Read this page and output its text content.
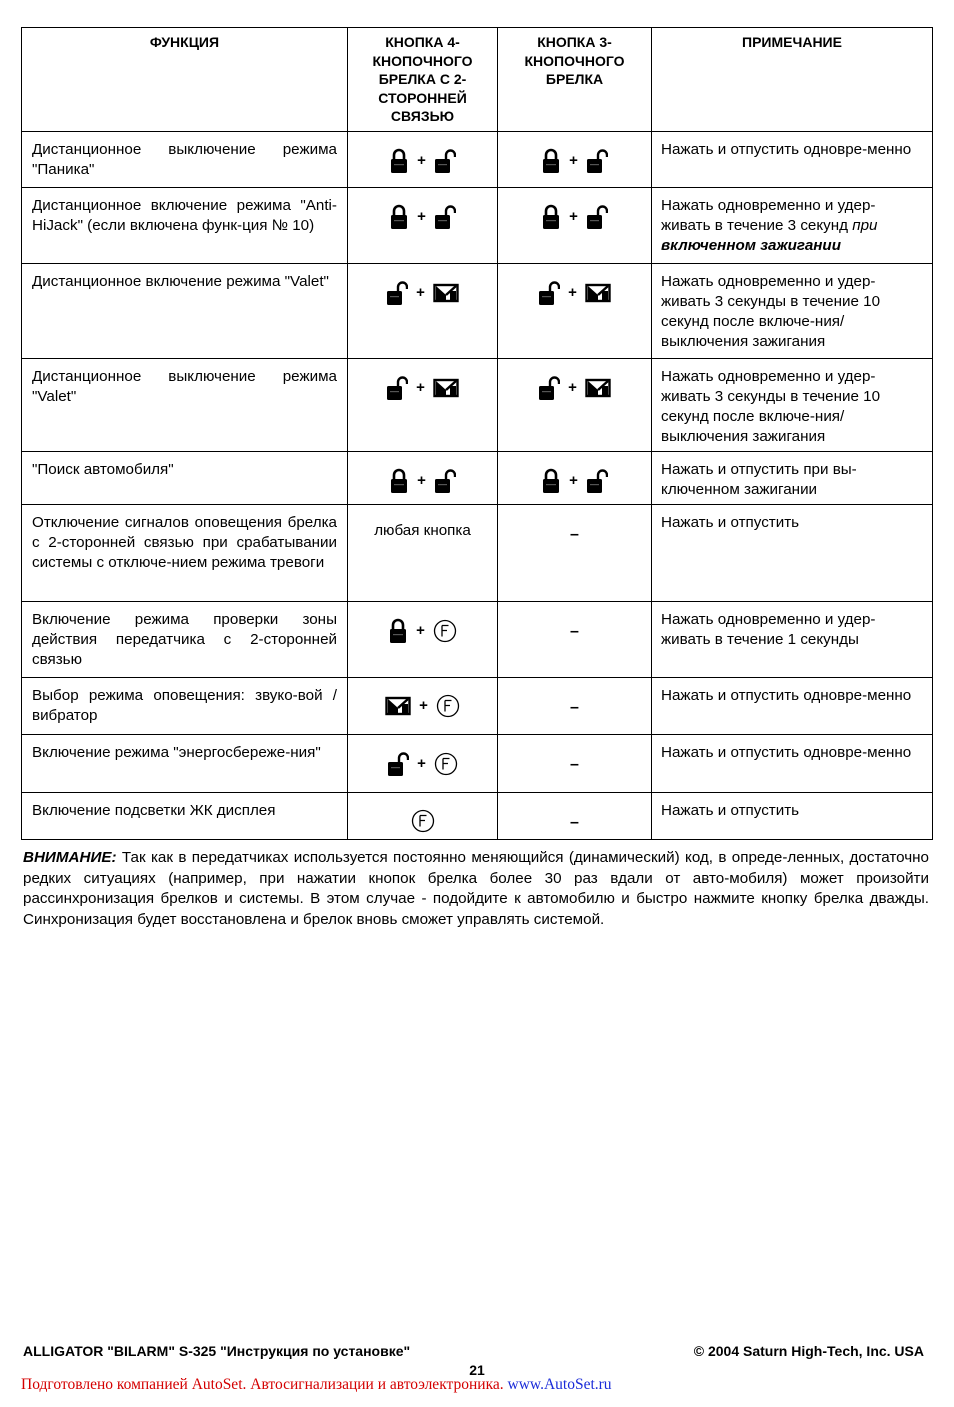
ФУНКЦИЯ	КНОПКА 4-КНОПОЧНОГО БРЕЛКА С 2-СТОРОННЕЙ СВЯЗЬЮ	КНОПКА 3-КНОПОЧНОГО БРЕЛКА	ПРИМЕЧАНИЕ
Дистанционное выключение режима "Паника"	+	+	Нажать и отпустить одновре-менно
Дистанционное включение режима "Anti-HiJack" (если включена функ-ция № 10)	+	+	Нажать одновременно и удер-живать в течение 3 секунд при включенном зажигании
Дистанционное включение режима "Valet"	+	+	Нажать одновременно и удер-живать 3 секунды в течение 10 секунд после включе-ния/выключения зажигания
Дистанционное выключение режима "Valet"	+	+	Нажать одновременно и удер-живать 3 секунды в течение 10 секунд после включе-ния/выключения зажигания
"Поиск автомобиля"	+	+	Нажать и отпустить при вы-ключенном зажигании
Отключение сигналов оповещения брелка с 2-сторонней связью при срабатывании системы с отключе-нием режима тревоги	любая кнопка	–	Нажать и отпустить
Включение режима проверки зоны действия передатчика с 2-сторонней связью	+	–	Нажать одновременно и удер-живать в течение 1 секунды
Выбор режима оповещения: звуко-вой /вибратор	+	–	Нажать и отпустить одновре-менно
Включение режима "энергосбереже-ния"	+	–	Нажать и отпустить одновре-менно
Включение подсветки ЖК дисплея		–	Нажать и отпустить
ВНИМАНИЕ: Так как в передатчиках используется постоянно меняющийся (динамический) код, в опреде-ленных, достаточно редких ситуациях (например, при нажатии кнопок брелка более 30 раз вдали от авто-мобиля) может произойти рассинхронизация брелков и системы. В этом случае - подойдите к автомобилю и быстро нажмите кнопку брелка дважды. Синхронизация будет восстановлена и брелок вновь сможет управлять системой.
ALLIGATOR "BILARM" S-325 "Инструкция по установке"	© 2004 Saturn High-Tech, Inc. USA
21
Подготовлено компанией AutoSet. Автосигнализации и автоэлектроника. www.AutoSet.ru
